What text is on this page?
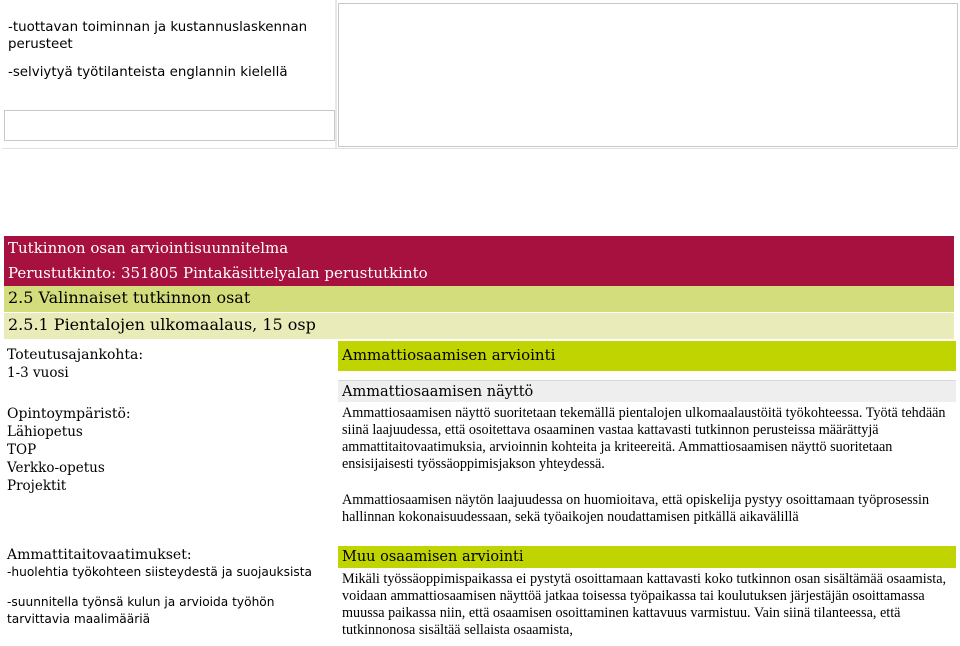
-tuottavan toiminnan ja kustannuslaskennan perusteet

-selviytyä työtilanteista englannin kielellä

Tutkinnon osan arviointisuunnitelma
Perustutkinto: 351805 Pintakäsittelyalan perustutkinto
2.5 Valinnaiset tutkinnon osat
2.5.1 Pientalojen ulkomaalaus, 15 osp
Toteutusajankohta:
1-3 vuosi
Opintoympäristö:
Lähiopetus
TOP
Verkko-opetus
Projektit
Ammattitaitovaatimukset:
-huolehtia työkohteen siisteydestä ja suojauksista
-suunnitella työnsä kulun ja arvioida työhön tarvittavia maalimääriä
Ammattiosaamisen arviointi
Ammattiosaamisen näyttö
Ammattiosaamisen näyttö suoritetaan tekemällä pientalojen ulkomaalaustöitä työkohteessa. Työtä tehdään siinä laajuudessa, että osoitettava osaaminen vastaa kattavasti tutkinnon perusteissa määrättyjä ammattitaitovaatimuksia, arvioinnin kohteita ja kriteereitä. Ammattiosaamisen näyttö suoritetaan ensisijaisesti työssäoppimisjakson yhteydessä.
Ammattiosaamisen näytön laajuudessa on huomioitava, että opiskelija pystyy osoittamaan työprosessin hallinnan kokonaisuudessaan, sekä työaikojen noudattamisen pitkällä aikavälillä
Muu osaamisen arviointi
Mikäli työssäoppimispaikassa ei pystytä osoittamaan kattavasti koko tutkinnon osan sisältämää osaamista, voidaan ammattiosaamisen näyttöä jatkaa toisessa työpaikassa tai koulutuksen järjestäjän osoittamassa muussa paikassa niin, että osaamisen osoittaminen kattavuus varmistuu. Vain siinä tilanteessa, että tutkinnonosa sisältää sellaista osaamista,
